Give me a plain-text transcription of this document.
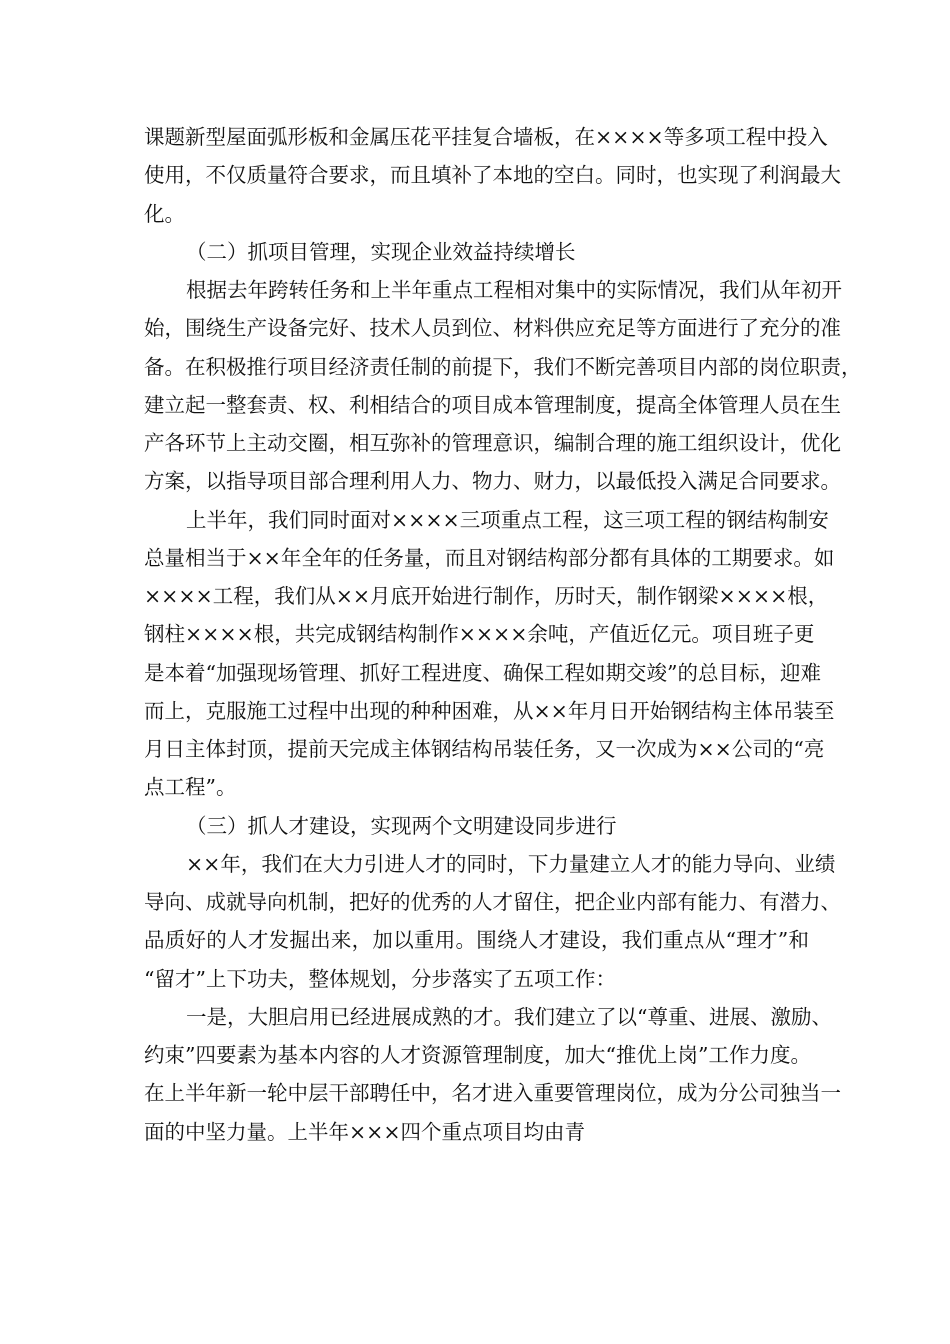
课题新型屋面弧形板和金属压花平挂复合墙板，在××××等多项工程中投入
使用，不仅质量符合要求，而且填补了本地的空白。同时，也实现了利润最大
化。
（二）抓项目管理，实现企业效益持续增长
根据去年跨转任务和上半年重点工程相对集中的实际情况，我们从年初开
始，围绕生产设备完好、技术人员到位、材料供应充足等方面进行了充分的准
备。在积极推行项目经济责任制的前提下，我们不断完善项目内部的岗位职责，
建立起一整套责、权、利相结合的项目成本管理制度，提高全体管理人员在生
产各环节上主动交圈，相互弥补的管理意识，编制合理的施工组织设计，优化
方案，以指导项目部合理利用人力、物力、财力，以最低投入满足合同要求。
上半年，我们同时面对××××三项重点工程，这三项工程的钢结构制安
总量相当于××年全年的任务量，而且对钢结构部分都有具体的工期要求。如
××××工程，我们从××月底开始进行制作，历时天，制作钢梁××××根，
钢柱××××根，共完成钢结构制作××××余吨，产值近亿元。项目班子更
是本着“加强现场管理、抓好工程进度、确保工程如期交竣”的总目标，迎难
而上，克服施工过程中出现的种种困难，从××年月日开始钢结构主体吊装至
月日主体封顶，提前天完成主体钢结构吊装任务，又一次成为××公司的“亮
点工程”。
（三）抓人才建设，实现两个文明建设同步进行
××年，我们在大力引进人才的同时，下力量建立人才的能力导向、业绩
导向、成就导向机制，把好的优秀的人才留住，把企业内部有能力、有潜力、
品质好的人才发掘出来，加以重用。围绕人才建设，我们重点从“理才”和
“留才”上下功夫，整体规划，分步落实了五项工作：
一是，大胆启用已经进展成熟的才。我们建立了以“尊重、进展、激励、
约束”四要素为基本内容的人才资源管理制度，加大“推优上岗”工作力度。
在上半年新一轮中层干部聘任中，名才进入重要管理岗位，成为分公司独当一
面的中坚力量。上半年×××四个重点项目均由青
